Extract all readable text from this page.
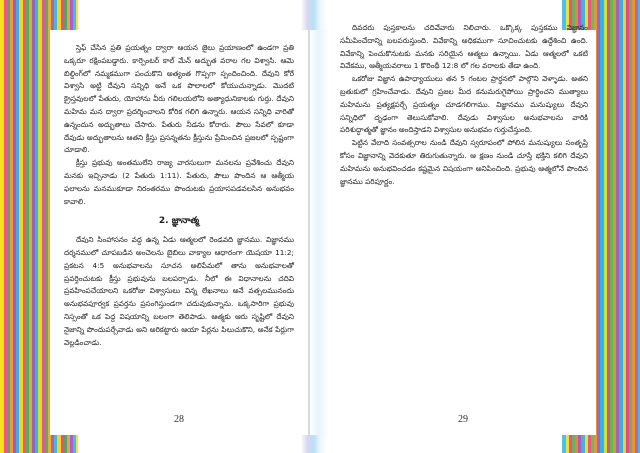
స్తెఫ్ చేసిన ప్రతి ప్రయత్నం ద్వారా ఆయన జైలు ప్రయాణంలో ఉండగా ప్రతి ఒక్కరూ రక్షింపబడ్డారు. కార్పెంటర్ కాల్ మేన్ అద్భుత వరాల గల విశ్వాసి. ఆమె బిల్డింగ్‌లో నమ్మకముగా పంచుకొని అత్యంత గొప్పగా స్పందించింది. దేవుని కోరే విశ్వాసి అట్టి దేవుని సన్నిధి అనే ఒక పొలాలలో కోయుచున్నాడు. మొదటి క్రైస్తవులలో పేతురు, యోహాను వీరు గలిలయలోని అత్యాధునికాలకు గుర్తు. దేవుని మహిమ మన ద్వారా ప్రదర్శించాలని కోరిక గలిగి ఉన్నారు. ఆయన సన్నిధి వారితో ఉన్నందున అద్భుతాలు చేసారు. పేతురు నీడను కోరారు. పౌలు సేవలో కూడా దేవుడు అద్భుతాలను ఆతని క్రీస్తు ప్రసన్నతను క్రీస్తును ప్రేమించిన ప్రజలలో స్పష్టంగా చూడాలి.

క్రీస్తు ప్రభువు అంతములేని రాజ్య వారసులుగా మనలను ప్రవేశించు దేవుని మనకు ఇచ్చినాడు (2 పేతురు 1:11). పేతురు, పౌలు పొందిన ఆ ఆత్మీయ ఫలాలను మనముకూడా నిరంతరము పొందుటకు ప్రయాసపడవలసిన అనుభవం కావాలి.

2. జ్ఞానాత్మ

దేవుని సింహాసనం వద్ద ఉన్న ఏడు ఆత్మలలో రెండవది జ్ఞానము. విజ్ఞానము దర్శనములో చూపబడిన అంచెలను బైబిలు వాక్యాల ఆధారంగా యెషయా 11:2; ప్రకటన 4:5 అనుభవాలను సూచన అలిపేమలో తాను అనుభవాలతో ప్రవర్తించుటకు క్రీస్తు ప్రభువును బలపర్చాడు. నీలో ఈ విధానాలను చదివి ప్రవహింపచేయాలని ఒకరోజు విశ్వాసులు విన్న లేఖనాలు అనే వత్సలమునందు అనుభవపూర్వక ప్రవర్తను ప్రసంగిస్తుండగా చదువుకున్నాను. ఒక్కసారిగా ప్రభువు నిస్సంతో ఒక పెద్ద విషయాన్ని బలంగా తెలిపాడు. ఆత్మకు ఆరు సృష్టిలో దేవుని నైజాన్ని పొందుపర్చేవాడు అని అరికట్టారు ఆయా పేర్లను పిలుచుకొని, అనేక పేర్లుగా వెల్లడించాడు.

28

దివదరు పుస్తకాలను చదివేవారు నిలిచారు. ఒక్కొక్క పుస్తకము విజ్ఞానం సమీపించేదాన్ని బలపరుస్తుంది. వివేకాన్ని అధికముగా సూచించుటకు ఉద్దేశించి ఉంది. వివేకాన్ని పెంచుకొనుటకు మనకు సరియైన ఆత్మలు ఉన్నాయి. ఏడు ఆత్మలలో ఒకటి వివేకము, ఆత్మీయవరాలు 1 కొరింథీ 12:8 లో గల వరాలకు తేడా ఉంది.

ఒకరోజు విజ్ఞాన ఉపాధ్యాయులు తన 5 గంటల ప్రార్థనలో పాల్గొని వెళ్ళాడు. అతని బ్రతుకులో గ్రహించేవాడు. దేవుని ప్రజల మీద కనుమరుగైపోయి ప్రార్థించని ముత్యాలు మహిమను ప్రత్యక్షపర్చే ప్రయత్నం చూడగలిగాము. విజ్ఞానము మనుష్యులు దేవుని సన్నిధిలో దృఢంగా తెలుసుకోవాలి. దేవుడు విశ్వాసుల అనుభవాలను వారికి పరిశుద్ధాత్మతో జ్ఞానం అందిస్తాడని విశ్వాసుల అనుభవం గుర్తుచేస్తుంది.

పెట్టిన వేలాది సంవత్సరాల నుండి దేవుని స్వరూపంలో పోలిన మనుష్యులు సంతృప్తి కోసం విజ్ఞానాన్ని వెదకుతూ తిరుగుతున్నారు. ఆ క్షణం నుండి చూస్తే భక్తిని కలిగి దేవుని మహిమను అనుభవించడం కష్టమైన విషయంగా అనిపించింది. ప్రభువు ఆత్మలోనే పొందిన జ్ఞానము పరిపూర్ణం.

29
